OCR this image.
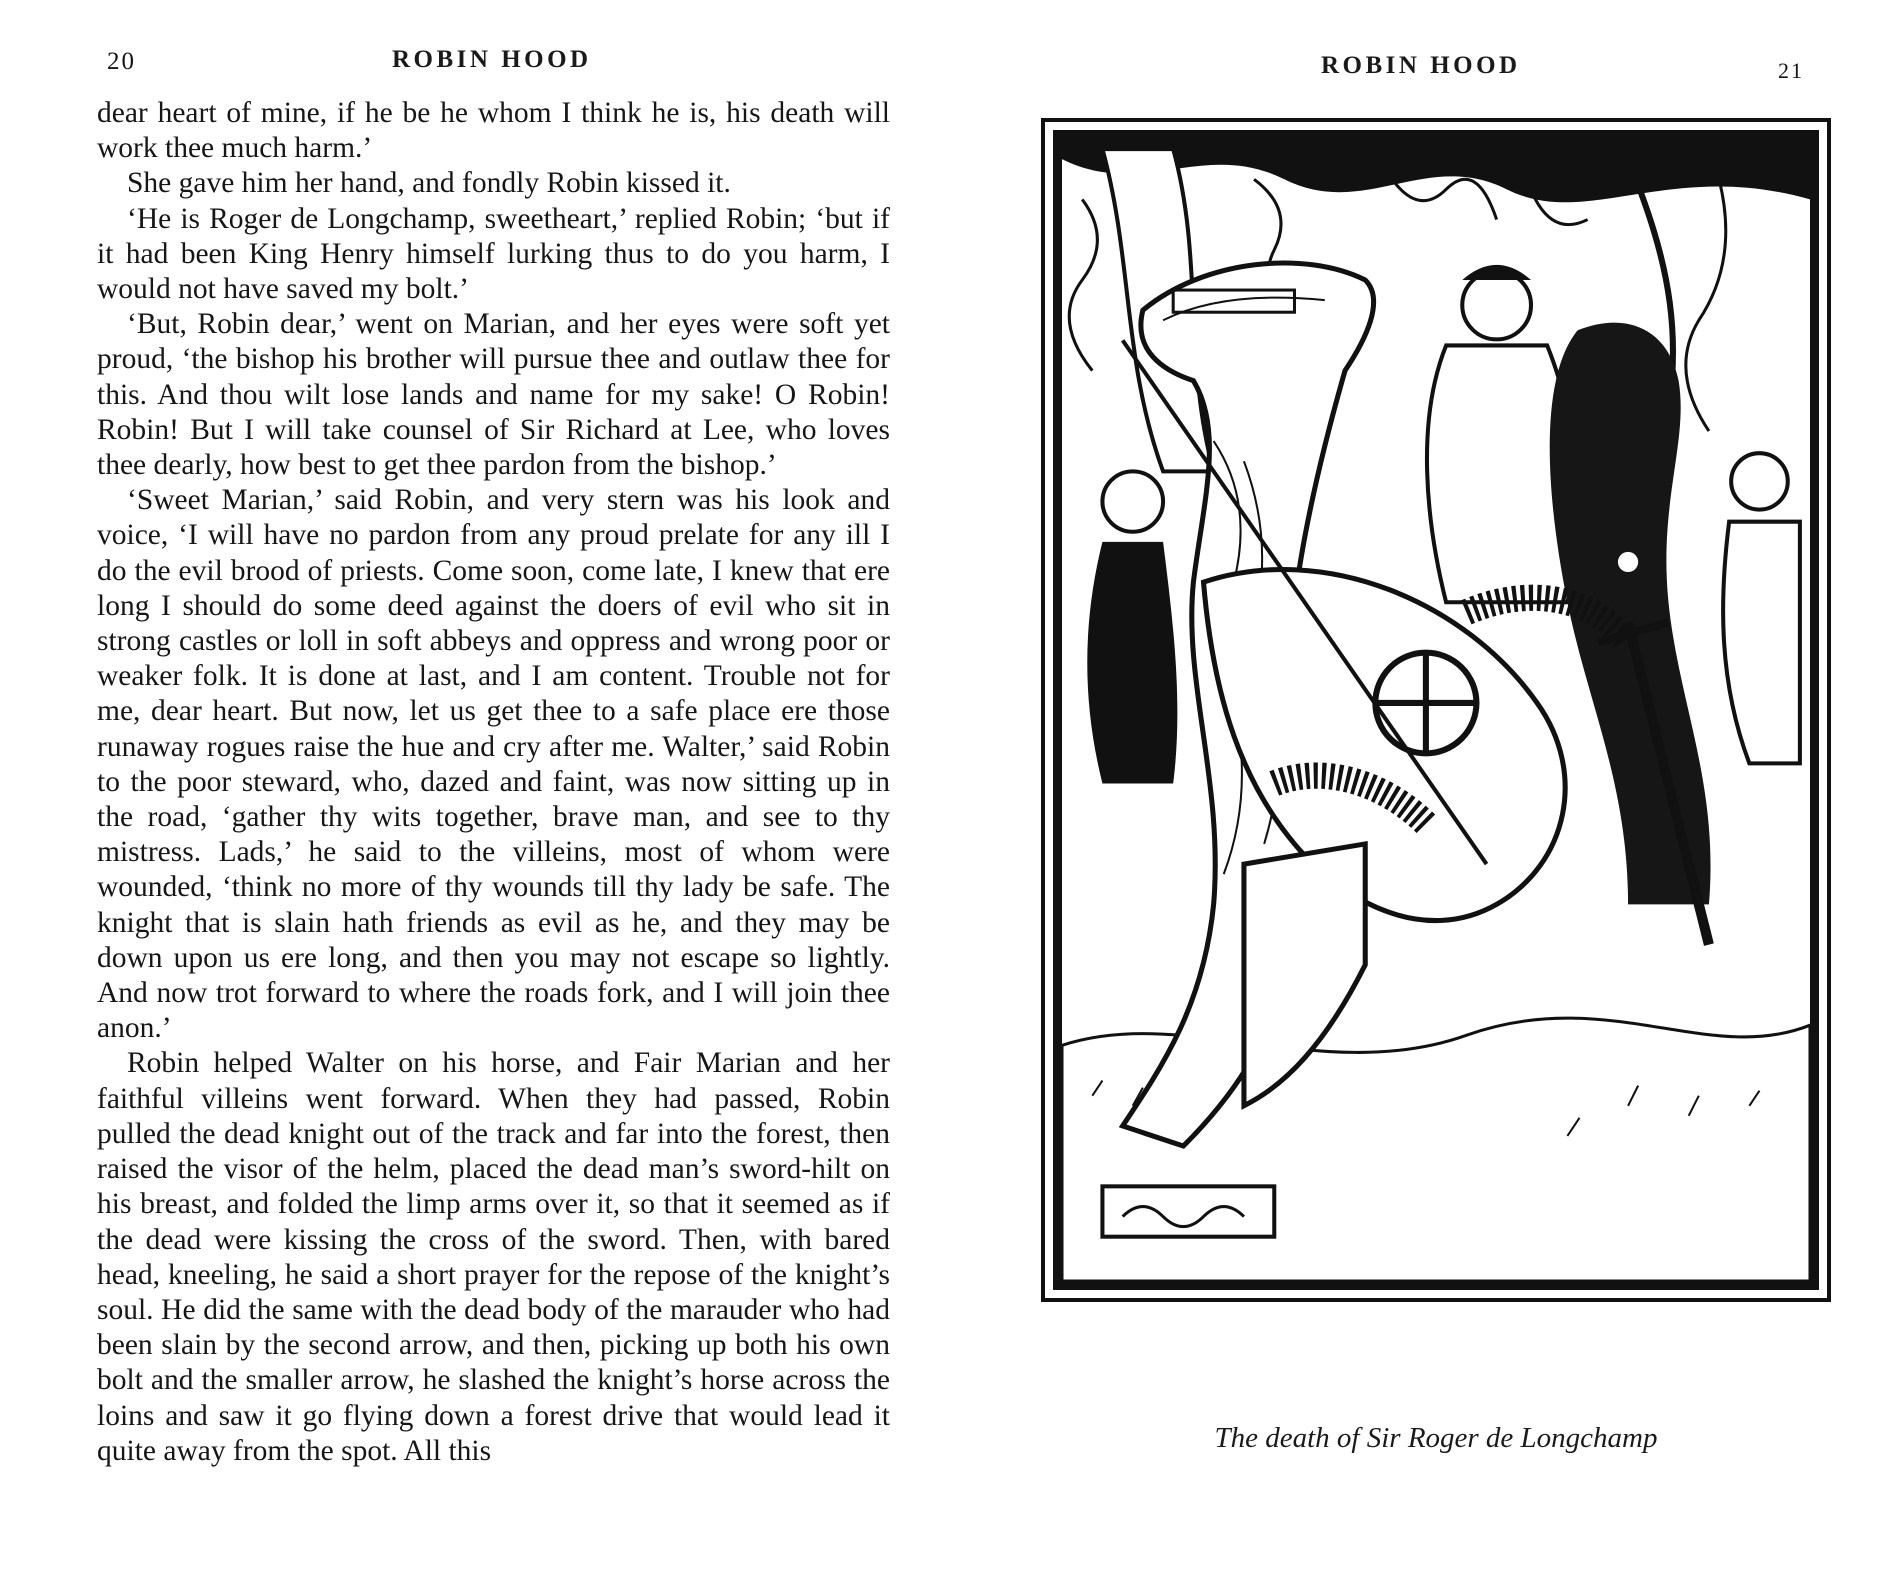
20	ROBIN HOOD

dear heart of mine, if he be he whom I think he is, his death will work thee much harm.’

She gave him her hand, and fondly Robin kissed it.

‘He is Roger de Longchamp, sweetheart,’ replied Robin; ‘but if it had been King Henry himself lurking thus to do you harm, I would not have saved my bolt.’

‘But, Robin dear,’ went on Marian, and her eyes were soft yet proud, ‘the bishop his brother will pursue thee and outlaw thee for this. And thou wilt lose lands and name for my sake! O Robin! Robin! But I will take counsel of Sir Richard at Lee, who loves thee dearly, how best to get thee pardon from the bishop.’

‘Sweet Marian,’ said Robin, and very stern was his look and voice, ‘I will have no pardon from any proud prelate for any ill I do the evil brood of priests. Come soon, come late, I knew that ere long I should do some deed against the doers of evil who sit in strong castles or loll in soft abbeys and oppress and wrong poor or weaker folk. It is done at last, and I am content. Trouble not for me, dear heart. But now, let us get thee to a safe place ere those runaway rogues raise the hue and cry after me. Walter,’ said Robin to the poor steward, who, dazed and faint, was now sitting up in the road, ‘gather thy wits together, brave man, and see to thy mistress. Lads,’ he said to the villeins, most of whom were wounded, ‘think no more of thy wounds till thy lady be safe. The knight that is slain hath friends as evil as he, and they may be down upon us ere long, and then you may not escape so lightly. And now trot forward to where the roads fork, and I will join thee anon.’

Robin helped Walter on his horse, and Fair Marian and her faithful villeins went forward. When they had passed, Robin pulled the dead knight out of the track and far into the forest, then raised the visor of the helm, placed the dead man’s sword-hilt on his breast, and folded the limp arms over it, so that it seemed as if the dead were kissing the cross of the sword. Then, with bared head, kneeling, he said a short prayer for the repose of the knight’s soul. He did the same with the dead body of the marauder who had been slain by the second arrow, and then, picking up both his own bolt and the smaller arrow, he slashed the knight’s horse across the loins and saw it go flying down a forest drive that would lead it quite away from the spot. All this

ROBIN HOOD	21
The death of Sir Roger de Longchamp
